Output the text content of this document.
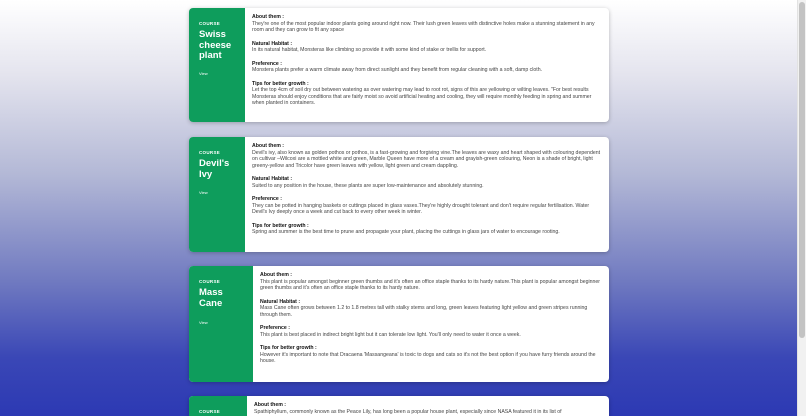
COURSE
Swiss cheese plant
View
About them :
They're one of the most popular indoor plants going around right now. Their lush green leaves with distinctive holes make a stunning statement in any room and they can grow to fit any space
Natural Habitat :
In its natural habitat, Monsteras like climbing so provide it with some kind of stake or trellis for support.
Preference :
Monstera plants prefer a warm climate away from direct sunlight and they benefit from regular cleaning with a soft, damp cloth.
Tips for better growth :
Let the top 4cm of soil dry out between watering as over watering may lead to root rot, signs of this are yellowing or wilting leaves. "For best results Monsteras should enjoy conditions that are fairly moist so avoid artificial heating and cooling, they will require monthly feeding in spring and summer when planted in containers.
COURSE
Devil's Ivy
View
About them :
Devil's ivy, also known as golden pothos or pothos, is a fast-growing and forgiving vine.The leaves are waxy and heart shaped with colouring dependent on cultivar –Wilcoxi are a mottled white and green, Marble Queen have more of a cream and grayish-green colouring, Neon is a shade of bright, light greeny-yellow and Tricolor have green leaves with yellow, light green and cream dappling.
Natural Habitat :
Suited to any position in the house, these plants are super low-maintenance and absolutely stunning.
Preference :
They can be potted in hanging baskets or cuttings placed in glass vases.They're highly drought tolerant and don't require regular fertilisation. Water Devil's Ivy deeply once a week and cut back to every other week in winter.
Tips for better growth :
Spring and summer is the best time to prune and propagate your plant, placing the cuttings in glass jars of water to encourage rooting.
COURSE
Mass Cane
View
About them :
This plant is popular amongst beginner green thumbs and it's often an office staple thanks to its hardy nature.This plant is popular amongst beginner green thumbs and it's often an office staple thanks to its hardy nature.
Natural Habitat :
Mass Cane often grows between 1.2 to 1.8 metres tall with stalky stems and long, green leaves featuring light yellow and green stripes running through them.
Preference :
This plant is best placed in indirect bright light but it can tolerate low light. You'll only need to water it once a week.
Tips for better growth :
However it's important to note that Dracaena 'Massangeana' is toxic to dogs and cats so it's not the best option if you have furry friends around the house.
COURSE
About them :
Spathiphyllum, commonly known as the Peace Lily, has long been a popular house plant, especially since NASA featured it in its list of
